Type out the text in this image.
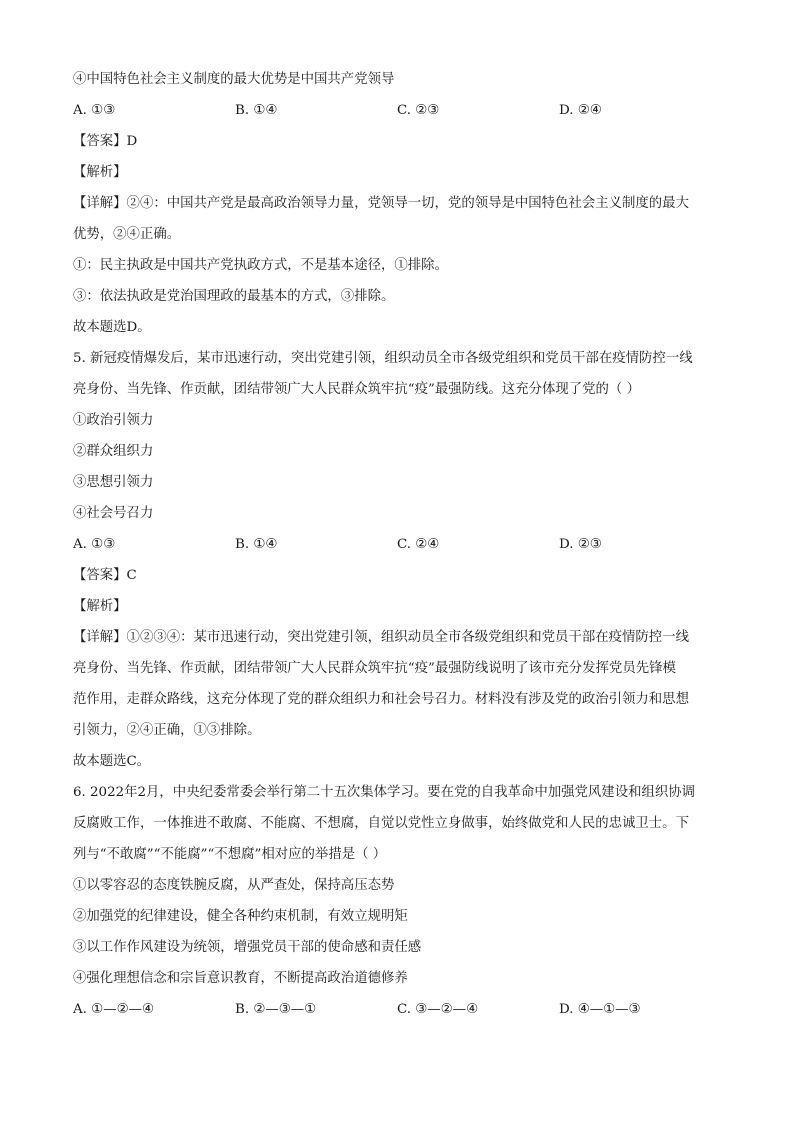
④中国特色社会主义制度的最大优势是中国共产党领导
A. ①③	B. ①④	C. ②③	D. ②④
【答案】D
【解析】
【详解】②④：中国共产党是最高政治领导力量，党领导一切，党的领导是中国特色社会主义制度的最大
优势，②④正确。
①：民主执政是中国共产党执政方式，不是基本途径，①排除。
③：依法执政是党治国理政的最基本的方式，③排除。
故本题选D。
5. 新冠疫情爆发后，某市迅速行动，突出党建引领，组织动员全市各级党组织和党员干部在疫情防控一线
亮身份、当先锋、作贡献，团结带领广大人民群众筑牢抗“疫”最强防线。这充分体现了党的（ ）
①政治引领力
②群众组织力
③思想引领力
④社会号召力
A. ①③	B. ①④	C. ②④	D. ②③
【答案】C
【解析】
【详解】①②③④：某市迅速行动，突出党建引领，组织动员全市各级党组织和党员干部在疫情防控一线
亮身份、当先锋、作贡献，团结带领广大人民群众筑牢抗“疫”最强防线说明了该市充分发挥党员先锋模
范作用，走群众路线，这充分体现了党的群众组织力和社会号召力。材料没有涉及党的政治引领力和思想
引领力，②④正确，①③排除。
故本题选C。
6. 2022年2月，中央纪委常委会举行第二十五次集体学习。要在党的自我革命中加强党风建设和组织协调
反腐败工作，一体推进不敢腐、不能腐、不想腐，自觉以党性立身做事，始终做党和人民的忠诚卫士。下
列与“不敢腐”“不能腐”“不想腐”相对应的举措是（ ）
①以零容忍的态度铁腕反腐，从严查处，保持高压态势
②加强党的纪律建设，健全各种约束机制，有效立规明矩
③以工作作风建设为统领，增强党员干部的使命感和责任感
④强化理想信念和宗旨意识教育，不断提高政治道德修养
A. ①—②—④	B. ②—③—①	C. ③—②—④	D. ④—①—③
